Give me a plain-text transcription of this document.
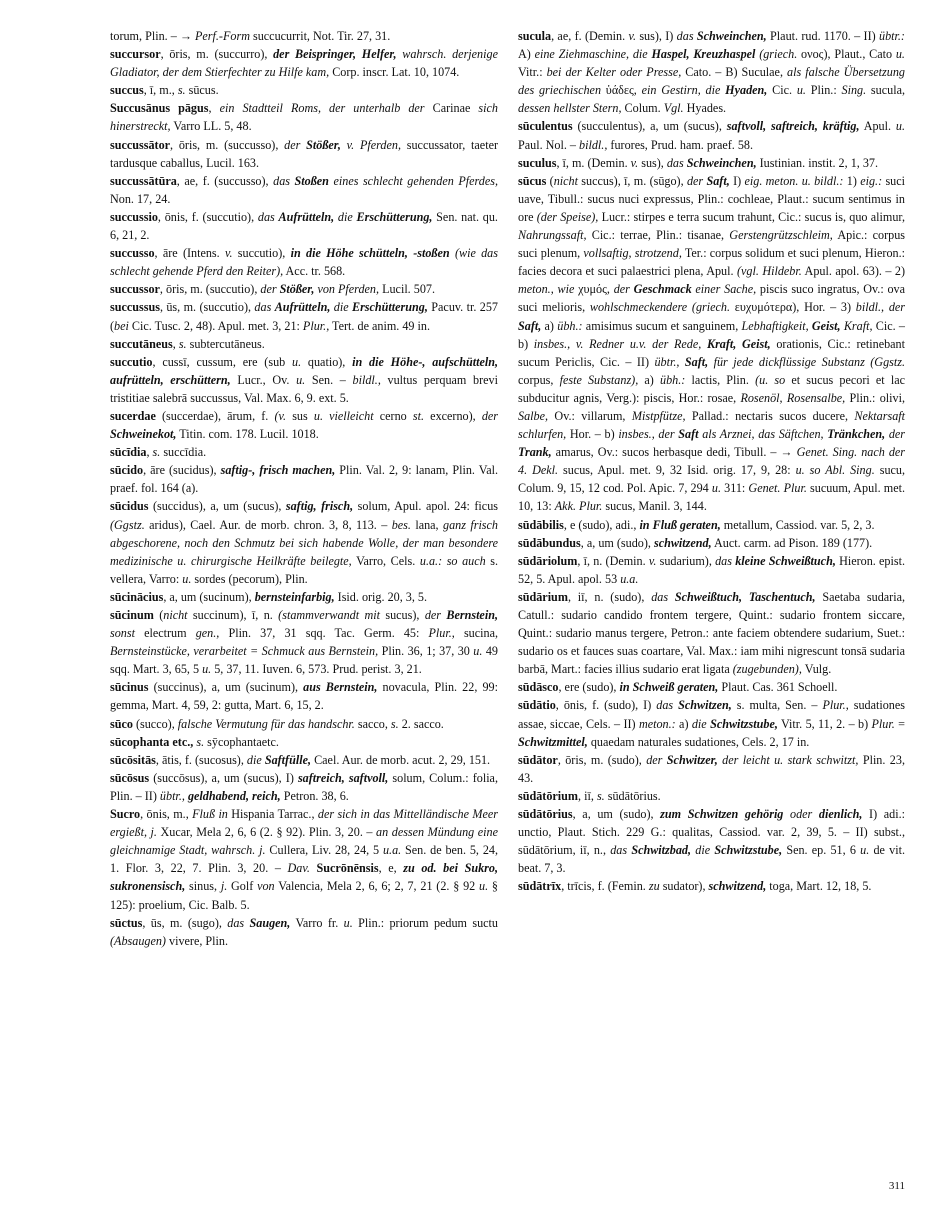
torum, Plin. – → Perf.-Form succucurrit, Not. Tir. 27, 31.

succursor, ōris, m. (succurro), der Beispringer, Helfer, wahrsch. derjenige Gladiator, der dem Stierfechter zu Hilfe kam, Corp. inscr. Lat. 10, 1074.

succus, ī, m., s. sūcus.

Succusānus pāgus, ein Stadtteil Roms, der unterhalb der Carinae sich hinerstreckt, Varro LL. 5, 48.

succussātor, ōris, m. (succusso), der Stößer, v. Pferden, succussator, taeter tardusque caballus, Lucil. 163.

succussātūra, ae, f. (succusso), das Stoßen eines schlecht gehenden Pferdes, Non. 17, 24.

succussio, ōnis, f. (succutio), das Aufrütteln, die Erschütterung, Sen. nat. qu. 6, 21, 2.

succusso, āre (Intens. v. succutio), in die Höhe schütteln, -stoßen (wie das schlecht gehende Pferd den Reiter), Acc. tr. 568.

succussor, ōris, m. (succutio), der Stößer, von Pferden, Lucil. 507.

succussus, ūs, m. (succutio), das Aufrütteln, die Erschütterung, Pacuv. tr. 257 (bei Cic. Tusc. 2, 48). Apul. met. 3, 21: Plur., Tert. de anim. 49 in.

succutāneus, s. subtercutāneus.

succutio, cussī, cussum, ere (sub u. quatio), in die Höhe-, aufschütteln, aufrütteln, erschüttern, Lucr., Ov. u. Sen. – bildl., vultus perquam brevi tristitiae salebrā succussus, Val. Max. 6, 9. ext. 5.

sucerdae (succerdae), ārum, f. (v. sus u. vielleicht cerno st. excerno), der Schweinekot, Titin. com. 178. Lucil. 1018.

sūcīdia, s. succīdia.

sūcido, āre (sucidus), saftig-, frisch machen, Plin. Val. 2, 9: lanam, Plin. Val. praef. fol. 164 (a).

sūcidus (succidus), a, um (sucus), saftig, frisch, solum, Apul. apol. 24: ficus (Ggstz. aridus), Cael. Aur. de morb. chron. 3, 8, 113. – bes. lana, ganz frisch abgeschorene, noch den Schmutz bei sich habende Wolle, der man besondere medizinische u. chirurgische Heilkräfte beilegte, Varro, Cels. u.a.: so auch s. vellera, Varro: u. sordes (pecorum), Plin.

sūcinācius, a, um (sucinum), bernsteinfarbig, Isid. orig. 20, 3, 5.

sūcinum (nicht succinum), ī, n. (stammverwandt mit sucus), der Bernstein, sonst electrum gen., Plin. 37, 31 sqq. Tac. Germ. 45: Plur., sucina, Bernsteinstücke, verarbeitet = Schmuck aus Bernstein, Plin. 36, 1; 37, 30 u. 49 sqq. Mart. 3, 65, 5 u. 5, 37, 11. Iuven. 6, 573. Prud. perist. 3, 21.

sūcinus (succinus), a, um (sucinum), aus Bernstein, novacula, Plin. 22, 99: gemma, Mart. 4, 59, 2: gutta, Mart. 6, 15, 2.

sūco (succo), falsche Vermutung für das handschr. sacco, s. 2. sacco.

sūcophanta etc., s. sȳcophantaetc.

sūcōsitās, ātis, f. (sucosus), die Saftfülle, Cael. Aur. de morb. acut. 2, 29, 151.

sūcōsus (succōsus), a, um (sucus), I) saftreich, saftvoll, solum, Colum.: folia, Plin. – II) übtr., geldhabend, reich, Petron. 38, 6.

Sucro, ōnis, m., Fluß in Hispania Tarrac., der sich in das Mittelländische Meer ergießt, j. Xucar, Mela 2, 6, 6 (2. § 92). Plin. 3, 20. – an dessen Mündung eine gleichnamige Stadt, wahrsch. j. Cullera, Liv. 28, 24, 5 u.a. Sen. de ben. 5, 24, 1. Flor. 3, 22, 7. Plin. 3, 20. – Dav. Sucrōnēnsis, e, zu od. bei Sukro, sukronensisch, sinus, j. Golf von Valencia, Mela 2, 6, 6; 2, 7, 21 (2. § 92 u. § 125): proelium, Cic. Balb. 5.

sūctus, ūs, m. (sugo), das Saugen, Varro fr. u. Plin.: priorum pedum suctu (Absaugen) vivere, Plin.

sucula, ae, f. (Demin. v. sus), I) das Schweinchen, Plaut. rud. 1170. – II) übtr.: A) eine Ziehmaschine, die Haspel, Kreuzhaspel (griech. ονος), Plaut., Cato u. Vitr.: bei der Kelter oder Presse, Cato. – B) Suculae, als falsche Übersetzung des griechischen ὑάδες, ein Gestirn, die Hyaden, Cic. u. Plin.: Sing. sucula, dessen hellster Stern, Colum. Vgl. Hyades.

sūculentus (succulentus), a, um (sucus), saftvoll, saftreich, kräftig, Apul. u. Paul. Nol. – bildl., furores, Prud. ham. praef. 58.

suculus, ī, m. (Demin. v. sus), das Schweinchen, Iustinian. instit. 2, 1, 37.

sūcus (nicht succus), ī, m. (sūgo), der Saft, I) eig. meton. u. bildl.: 1) eig.: suci uave, Tibull.: sucus nuci expressus, Plin.: cochleae, Plaut.: sucum sentimus in ore (der Speise), Lucr.: stirpes e terra sucum trahunt, Cic.: sucus is, quo alimur, Nahrungssaft, Cic.: terrae, Plin.: tisanae, Gerstengrützschleim, Apic.: corpus suci plenum, vollsaftig, strotzend, Ter.: corpus solidum et suci plenum, Hieron.: facies decora et suci palaestrici plena, Apul. (vgl. Hildebr. Apul. apol. 63). – 2) meton., wie χυμός, der Geschmack einer Sache, piscis suco ingratus, Ov.: ova suci melioris, wohlschmeckendere (griech. ευχυμότερα), Hor. – 3) bildl., der Saft, a) übh.: amisimus sucum et sanguinem, Lebhaftigkeit, Geist, Kraft, Cic. – b) insbes., v. Redner u.v. der Rede, Kraft, Geist, orationis, Cic.: retinebant sucum Periclis, Cic. – II) übtr., Saft, für jede dickflüssige Substanz (Ggstz. corpus, feste Substanz), a) übh.: lactis, Plin. (u. so et sucus pecori et lac subducitur agnis, Verg.): piscis, Hor.: rosae, Rosenöl, Rosensalbe, Plin.: olivi, Salbe, Ov.: villarum, Mistpfütze, Pallad.: nectaris sucos ducere, Nektarsaft schlurfen, Hor. – b) insbes., der Saft als Arznei, das Säftchen, Tränkchen, der Trank, amarus, Ov.: sucos herbasque dedi, Tibull. – → Genet. Sing. nach der 4. Dekl. sucus, Apul. met. 9, 32 Isid. orig. 17, 9, 28: u. so Abl. Sing. sucu, Colum. 9, 15, 12 cod. Pol. Apic. 7, 294 u. 311: Genet. Plur. sucuum, Apul. met. 10, 13: Akk. Plur. sucus, Manil. 3, 144.

sūdābilis, e (sudo), adi., in Fluß geraten, metallum, Cassiod. var. 5, 2, 3.

sūdābundus, a, um (sudo), schwitzend, Auct. carm. ad Pison. 189 (177).

sūdāriolum, ī, n. (Demin. v. sudarium), das kleine Schweißtuch, Hieron. epist. 52, 5. Apul. apol. 53 u.a.

sūdārium, iī, n. (sudo), das Schweißtuch, Taschentuch, Saetaba sudaria, Catull.: sudario candido frontem tergere, Quint.: sudario frontem siccare, Quint.: sudario manus tergere, Petron.: ante faciem obtendere sudarium, Suet.: sudario os et fauces suas coartare, Val. Max.: iam mihi nigrescunt tonsā sudaria barbā, Mart.: facies illius sudario erat ligata (zugebunden), Vulg.

sūdāsco, ere (sudo), in Schweiß geraten, Plaut. Cas. 361 Schoell.

sūdātio, ōnis, f. (sudo), I) das Schwitzen, s. multa, Sen. – Plur., sudationes assae, siccae, Cels. – II) meton.: a) die Schwitzstube, Vitr. 5, 11, 2. – b) Plur. = Schwitzmittel, quaedam naturales sudationes, Cels. 2, 17 in.

sūdātor, ōris, m. (sudo), der Schwitzer, der leicht u. stark schwitzt, Plin. 23, 43.

sūdātōrium, iī, s. sūdātōrius.

sūdātōrius, a, um (sudo), zum Schwitzen gehörig oder dienlich, I) adi.: unctio, Plaut. Stich. 229 G.: qualitas, Cassiod. var. 2, 39, 5. – II) subst., sūdātōrium, iī, n., das Schwitzbad, die Schwitzstube, Sen. ep. 51, 6 u. de vit. beat. 7, 3.

sūdātrīx, trīcis, f. (Femin. zu sudator), schwitzend, toga, Mart. 12, 18, 5.

311
